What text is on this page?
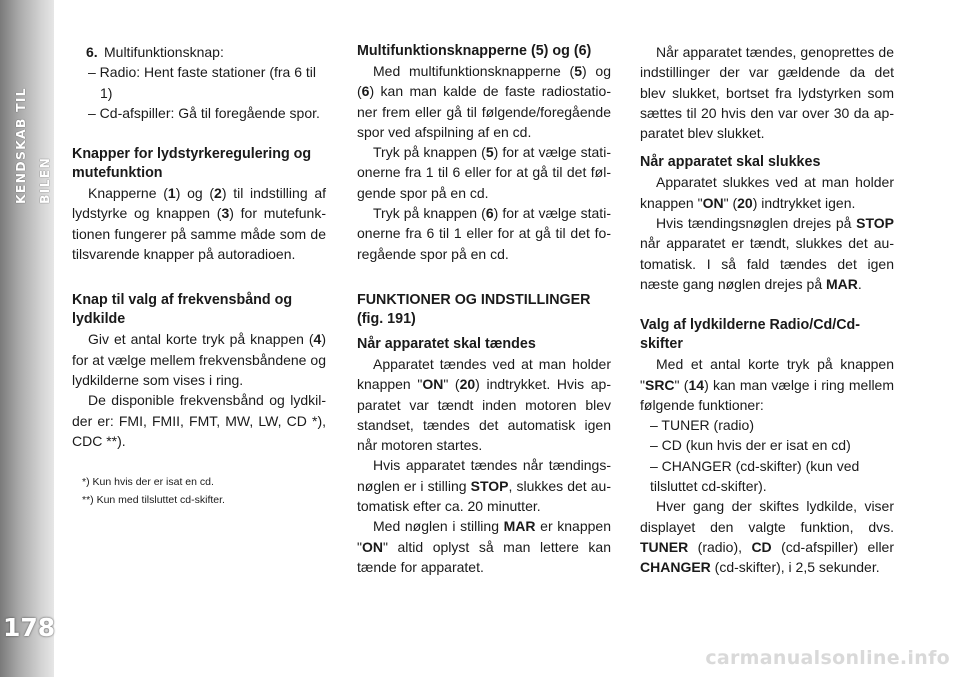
KENDSKAB TIL BILEN
178
6. Multifunktionsknap:

– Radio: Hent faste stationer (fra 6 til 1)

– Cd-afspiller: Gå til foregående spor.

Knapper for lydstyrkeregulering og mutefunktion

Knapperne (1) og (2) til indstilling af lydstyrke og knappen (3) for mutefunktionen fungerer på samme måde som de tilsvarende knapper på autoradioen.

Knap til valg af frekvensbånd og lydkilde

Giv et antal korte tryk på knappen (4) for at vælge mellem frekvensbåndene og lydkilderne som vises i ring.

De disponible frekvensbånd og lydkilder er: FMI, FMII, FMT, MW, LW, CD *), CDC **).

*) Kun hvis der er isat en cd.

**) Kun med tilsluttet cd-skifter.

Multifunktionsknapperne (5) og (6)

Med multifunktionsknapperne (5) og (6) kan man kalde de faste radiostationer frem eller gå til følgende/foregående spor ved afspilning af en cd.

Tryk på knappen (5) for at vælge stationerne fra 1 til 6 eller for at gå til det følgende spor på en cd.

Tryk på knappen (6) for at vælge stationerne fra 6 til 1 eller for at gå til det foregående spor på en cd.

FUNKTIONER OG INDSTILLINGER (fig. 191)
Når apparatet skal tændes

Apparatet tændes ved at man holder knappen "ON" (20) indtrykket. Hvis apparatet var tændt inden motoren blev standset, tændes det automatisk igen når motoren startes.

Hvis apparatet tændes når tændingsnøglen er i stilling STOP, slukkes det automatisk efter ca. 20 minutter.

Med nøglen i stilling MAR er knappen "ON" altid oplyst så man lettere kan tænde for apparatet.

Når apparatet tændes, genoprettes de indstillinger der var gældende da det blev slukket, bortset fra lydstyrken som sættes til 20 hvis den var over 30 da apparatet blev slukket.

Når apparatet skal slukkes

Apparatet slukkes ved at man holder knappen "ON" (20) indtrykket igen.

Hvis tændingsnøglen drejes på STOP når apparatet er tændt, slukkes det automatisk. I så fald tændes det igen næste gang nøglen drejes på MAR.

Valg af lydkilderne Radio/Cd/Cd-skifter

Med et antal korte tryk på knappen "SRC" (14) kan man vælge i ring mellem følgende funktioner:

– TUNER (radio)

– CD (kun hvis der er isat en cd)

– CHANGER (cd-skifter) (kun ved tilsluttet cd-skifter).

Hver gang der skiftes lydkilde, viser displayet den valgte funktion, dvs. TUNER (radio), CD (cd-afspiller) eller CHANGER (cd-skifter), i 2,5 sekunder.

carmanualsonline.info
